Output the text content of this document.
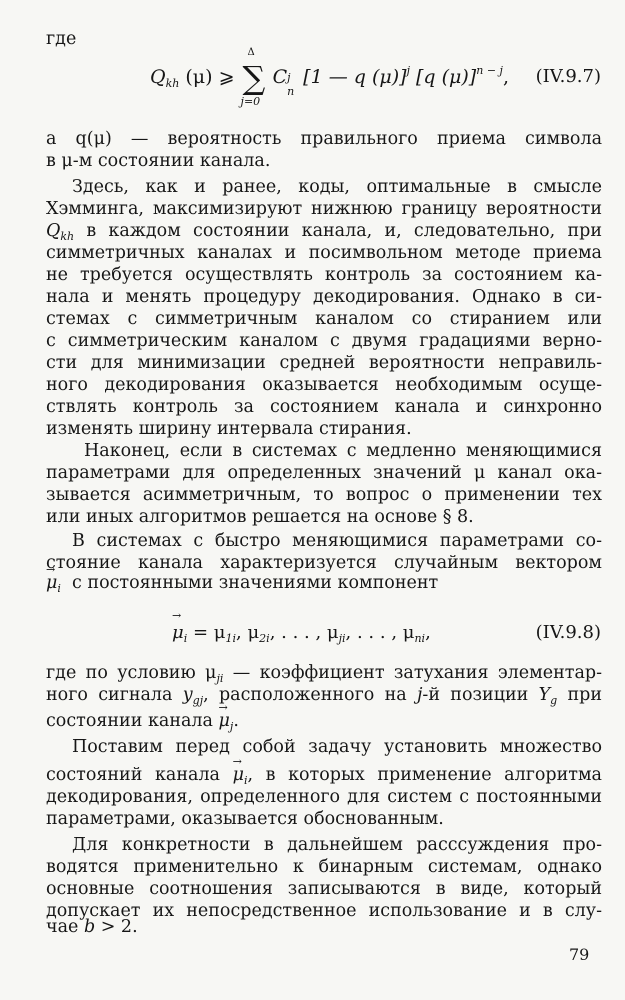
где
$Q_{kh}$ (μ) ⩾
Δ
∑
j=0
C j
n
[1 — q (μ)]$^j$ [q (μ)]$^{n - j}$, (IV.9.7)
а q(μ) — вероятность правильного приема символа
в μ-м состоянии канала.
Здесь, как и ранее, коды, оптимальные в смысле
Хэмминга, максимизируют нижнюю границу вероятности
$Q_{kh}$ в каждом состоянии канала, и, следовательно, при
симметричных каналах и посимвольном методе приема
не требуется осуществлять контроль за состоянием ка-
нала и менять процедуру декодирования. Однако в си-
стемах с симметричным каналом со стиранием или
с симметрическим каналом с двумя градациями верно-
сти для минимизации средней вероятности неправиль-
ного декодирования оказывается необходимым осуще-
ствлять контроль за состоянием канала и синхронно
изменять ширину интервала стирания.
Наконец, если в системах с медленно меняющимися
параметрами для определенных значений μ канал ока-
зывается асимметричным, то вопрос о применении тех
или иных алгоритмов решается на основе § 8.
В системах с быстро меняющимися параметрами со-
стояние канала характеризуется случайным вектором
→ $\mu_i$ с постоянными значениями компонент
→ $\mu_i = \mu_{1i}$, $\mu_{2i}$, . . . , $\mu_{ji}$, . . . , $\mu_{ni}$,	(IV.9.8)
где по условию $\mu_{ji}$ — коэффициент затухания элементар-
ного сигнала $y_{gj}$, расположенного на j-й позиции $Y_g$ при
состоянии канала → $\mu_j$.
Поставим перед собой задачу установить множество
состояний канала → $\mu_i$, в которых применение алгоритма
декодирования, определенного для систем с постоянными
параметрами, оказывается обоснованным.
Для конкретности в дальнейшем расссуждения про-
водятся применительно к бинарным системам, однако
основные соотношения записываются в виде, который
допускает их непосредственное использование и в слу-
чае b > 2.
79
